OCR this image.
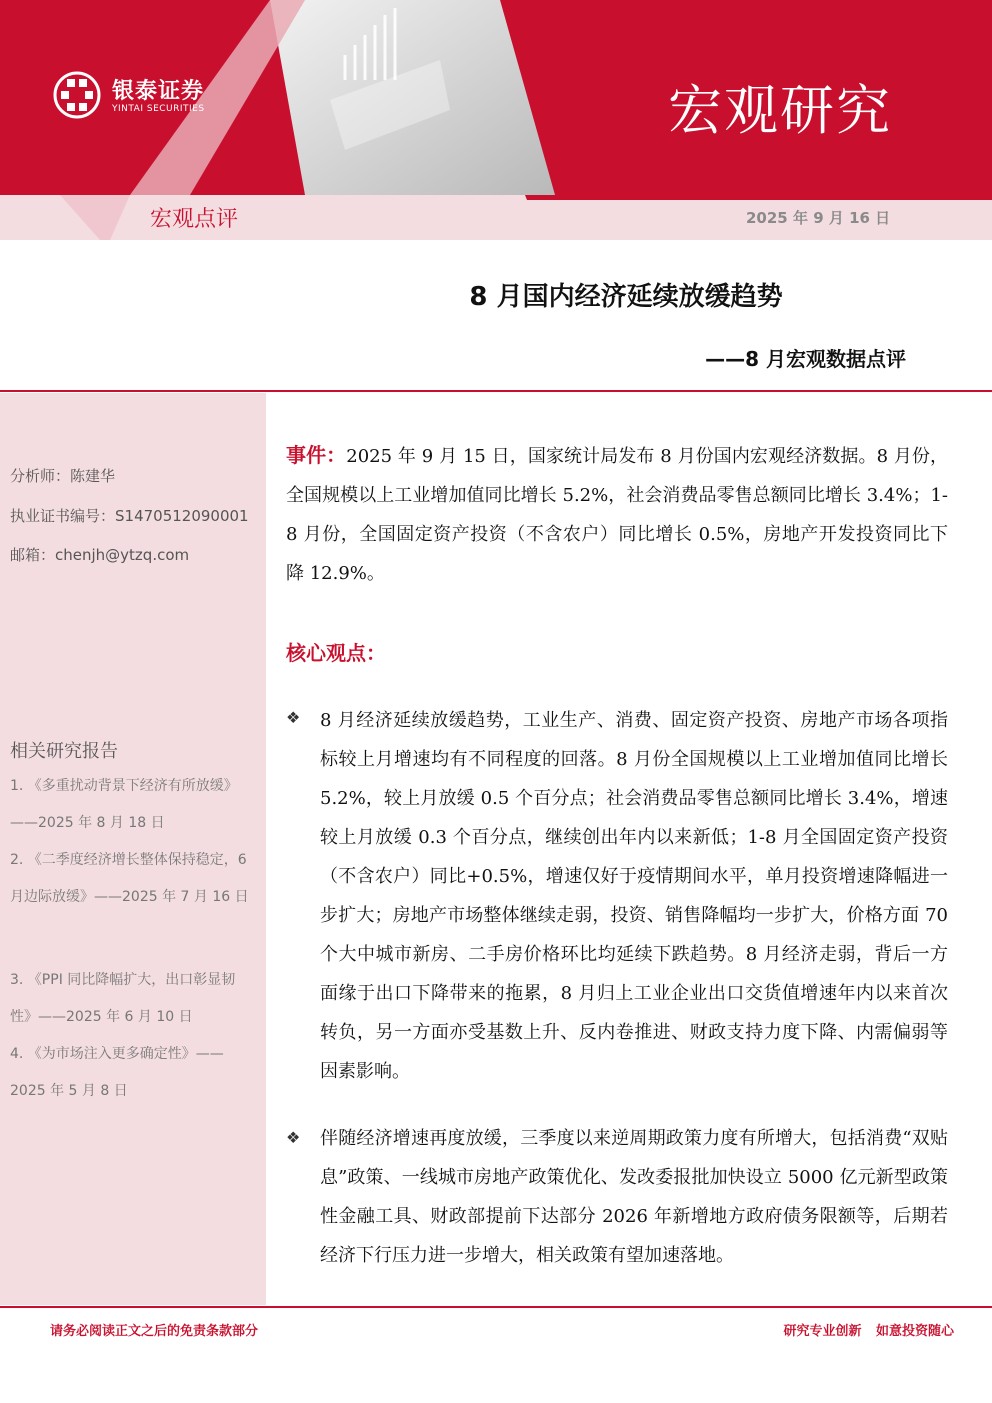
银泰证券
YINTAI SECURITIES	宏观研究
宏观点评	2025 年 9 月 16 日
8 月国内经济延续放缓趋势
——8 月宏观数据点评
分析师：陈建华
执业证书编号：S1470512090001
邮箱：chenjh@ytzq.com
相关研究报告
1. 《多重扰动背景下经济有所放缓》——2025 年 8 月 18 日
2. 《二季度经济增长整体保持稳定，6 月边际放缓》——2025 年 7 月 16 日
3. 《PPI 同比降幅扩大，出口彰显韧性》——2025 年 6 月 10 日
4. 《为市场注入更多确定性》——2025 年 5 月 8 日
事件：2025 年 9 月 15 日，国家统计局发布 8 月份国内宏观经济数据。8 月份，全国规模以上工业增加值同比增长 5.2%，社会消费品零售总额同比增长 3.4%；1-8 月份，全国固定资产投资（不含农户）同比增长 0.5%，房地产开发投资同比下降 12.9%。
核心观点：
❖ 8 月经济延续放缓趋势，工业生产、消费、固定资产投资、房地产市场各项指标较上月增速均有不同程度的回落。8 月份全国规模以上工业增加值同比增长 5.2%，较上月放缓 0.5 个百分点；社会消费品零售总额同比增长 3.4%，增速较上月放缓 0.3 个百分点，继续创出年内以来新低；1-8 月全国固定资产投资（不含农户）同比+0.5%，增速仅好于疫情期间水平，单月投资增速降幅进一步扩大；房地产市场整体继续走弱，投资、销售降幅均一步扩大，价格方面 70 个大中城市新房、二手房价格环比均延续下跌趋势。8 月经济走弱，背后一方面缘于出口下降带来的拖累，8 月归上工业企业出口交货值增速年内以来首次转负，另一方面亦受基数上升、反内卷推进、财政支持力度下降、内需偏弱等因素影响。
❖ 伴随经济增速再度放缓，三季度以来逆周期政策力度有所增大，包括消费“双贴息”政策、一线城市房地产政策优化、发改委报批加快设立 5000 亿元新型政策性金融工具、财政部提前下达部分 2026 年新增地方政府债务限额等，后期若经济下行压力进一步增大，相关政策有望加速落地。
请务必阅读正文之后的免责条款部分	研究专业创新 如意投资随心
